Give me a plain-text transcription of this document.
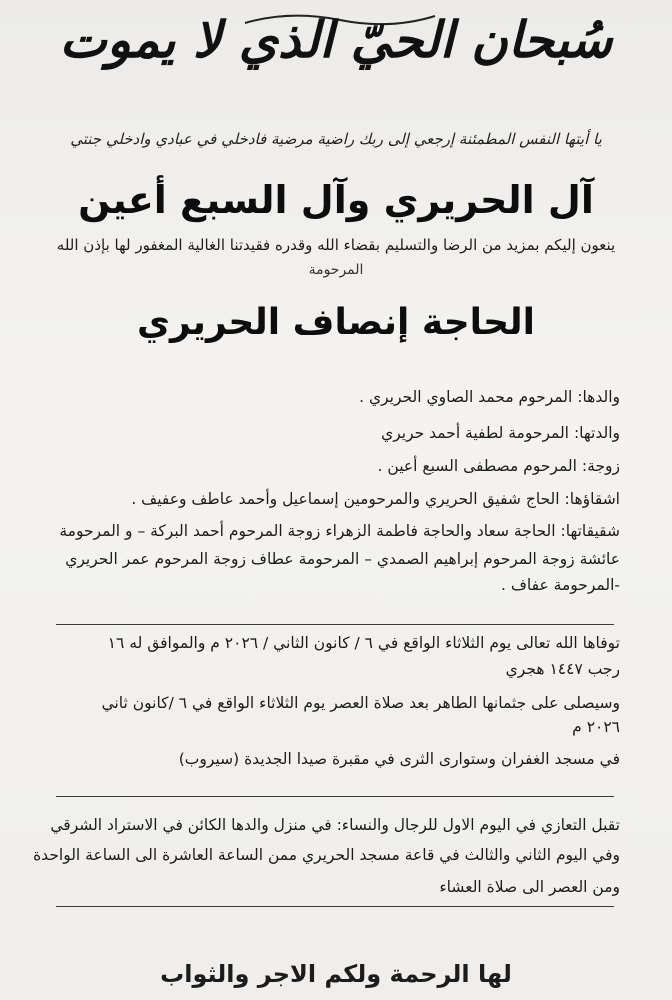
سُبحان الحيّ الذي لا يموت
يا أيتها النفس المطمئنة إرجعي إلى ربك راضية مرضية فادخلي في عبادي وادخلي جنتي
آل الحريري وآل السبع أعين
ينعون إليكم بمزيد من الرضا والتسليم بقضاء الله وقدره فقيدتنا الغالية المغفور لها بإذن الله
المرحومة
الحاجة إنصاف الحريري
والدها: المرحوم محمد الصاوي الحريري .
والدتها: المرحومة لطفية أحمد حريري
زوجة: المرحوم مصطفى السبع أعين .
اشقاؤها: الحاج شفيق الحريري والمرحومين إسماعيل وأحمد عاطف وعفيف .
شقيقاتها: الحاجة سعاد والحاجة فاطمة الزهراء زوجة المرحوم أحمد البركة – و المرحومة
عائشة زوجة المرحوم إبراهيم الصمدي – المرحومة عطاف زوجة المرحوم عمر الحريري
-المرحومة عفاف .
توفاها الله تعالى يوم الثلاثاء الواقع في ٦ / كانون الثاني / ٢٠٢٦ م والموافق له ١٦
رجب ١٤٤٧ هجري
وسيصلى على جثمانها الطاهر بعد صلاة العصر يوم الثلاثاء الواقع في ٦ /كانون ثاني
٢٠٢٦ م
في مسجد الغفران وستوارى الثرى في مقبرة صيدا الجديدة (سيروب)
تقبل التعازي في اليوم الاول للرجال والنساء: في منزل والدها الكائن في الاستراد الشرقي
وفي اليوم الثاني والثالث في قاعة مسجد الحريري ممن الساعة العاشرة الى الساعة الواحدة
ومن العصر الى صلاة العشاء
لها الرحمة ولكم الاجر والثواب
